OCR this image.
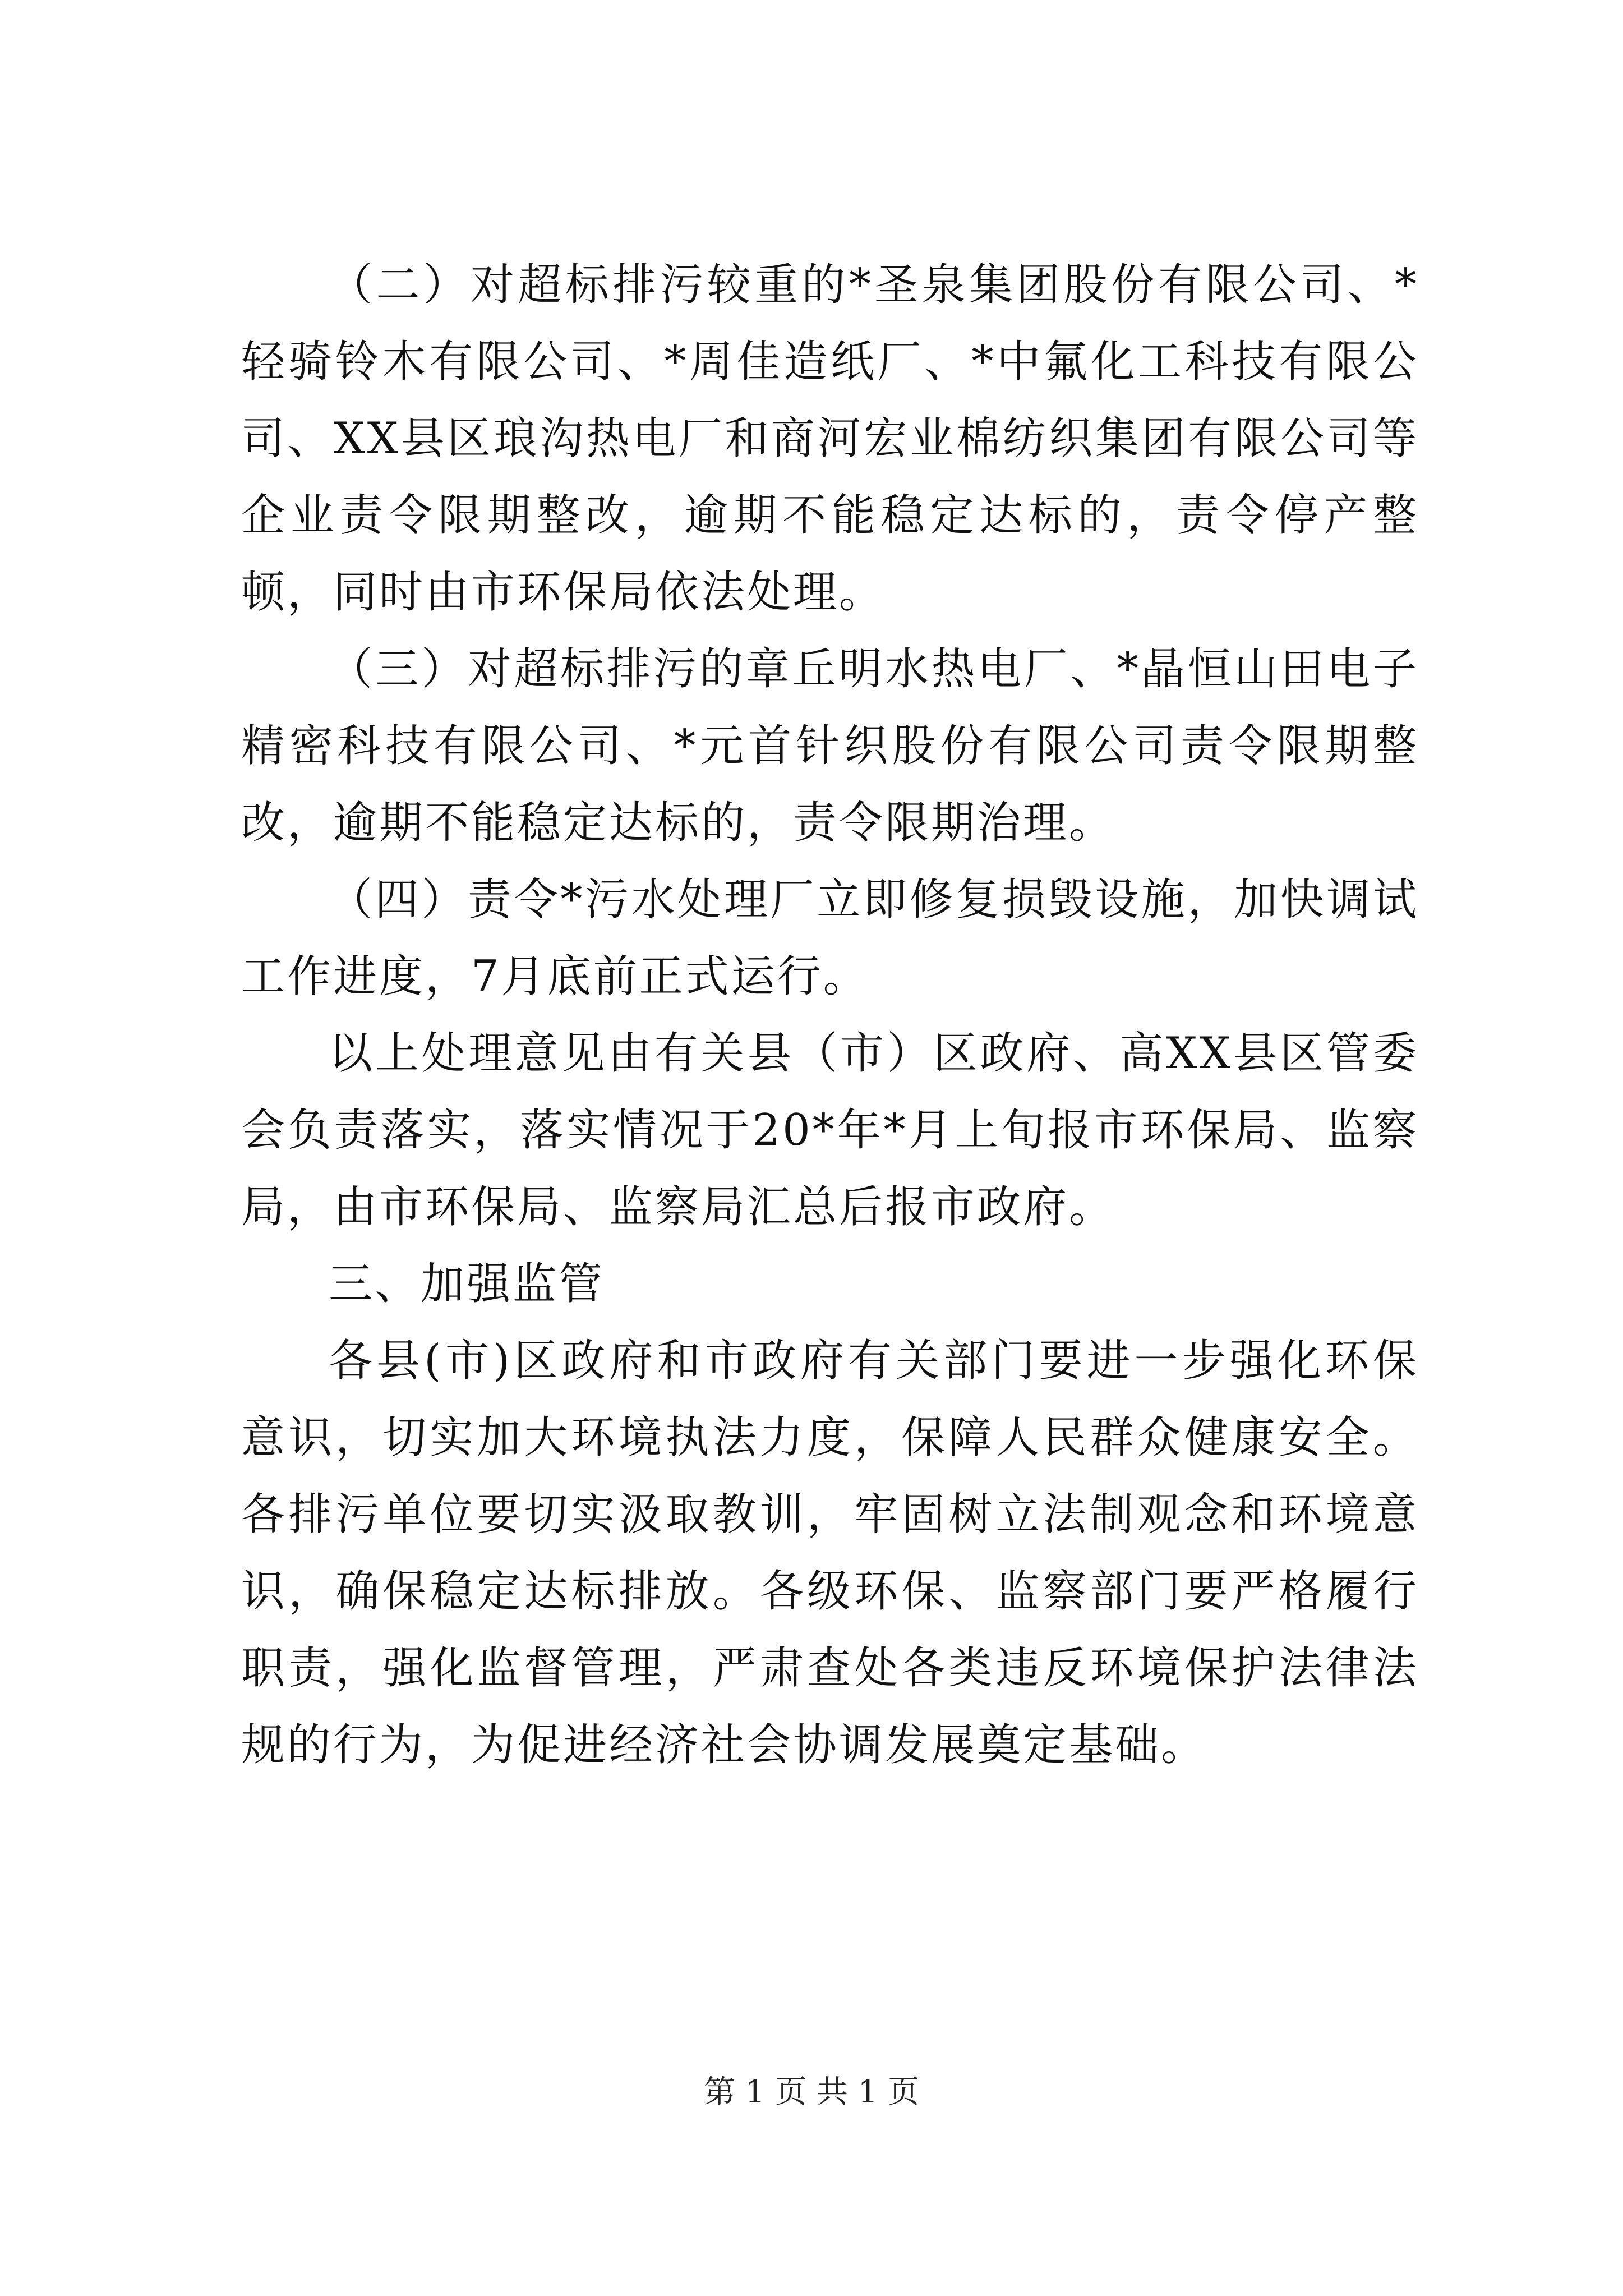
（二）对超标排污较重的*圣泉集团股份有限公司、*轻骑铃木有限公司、*周佳造纸厂、*中氟化工科技有限公司、XX县区琅沟热电厂和商河宏业棉纺织集团有限公司等企业责令限期整改，逾期不能稳定达标的，责令停产整顿，同时由市环保局依法处理。

（三）对超标排污的章丘明水热电厂、*晶恒山田电子精密科技有限公司、*元首针织股份有限公司责令限期整改，逾期不能稳定达标的，责令限期治理。

（四）责令*污水处理厂立即修复损毁设施，加快调试工作进度，7月底前正式运行。

以上处理意见由有关县（市）区政府、高XX县区管委会负责落实，落实情况于20*年*月上旬报市环保局、监察局，由市环保局、监察局汇总后报市政府。

三、加强监管

各县(市)区政府和市政府有关部门要进一步强化环保意识，切实加大环境执法力度，保障人民群众健康安全。各排污单位要切实汲取教训，牢固树立法制观念和环境意识，确保稳定达标排放。各级环保、监察部门要严格履行职责，强化监督管理，严肃查处各类违反环境保护法律法规的行为，为促进经济社会协调发展奠定基础。

第 1 页 共 1 页
